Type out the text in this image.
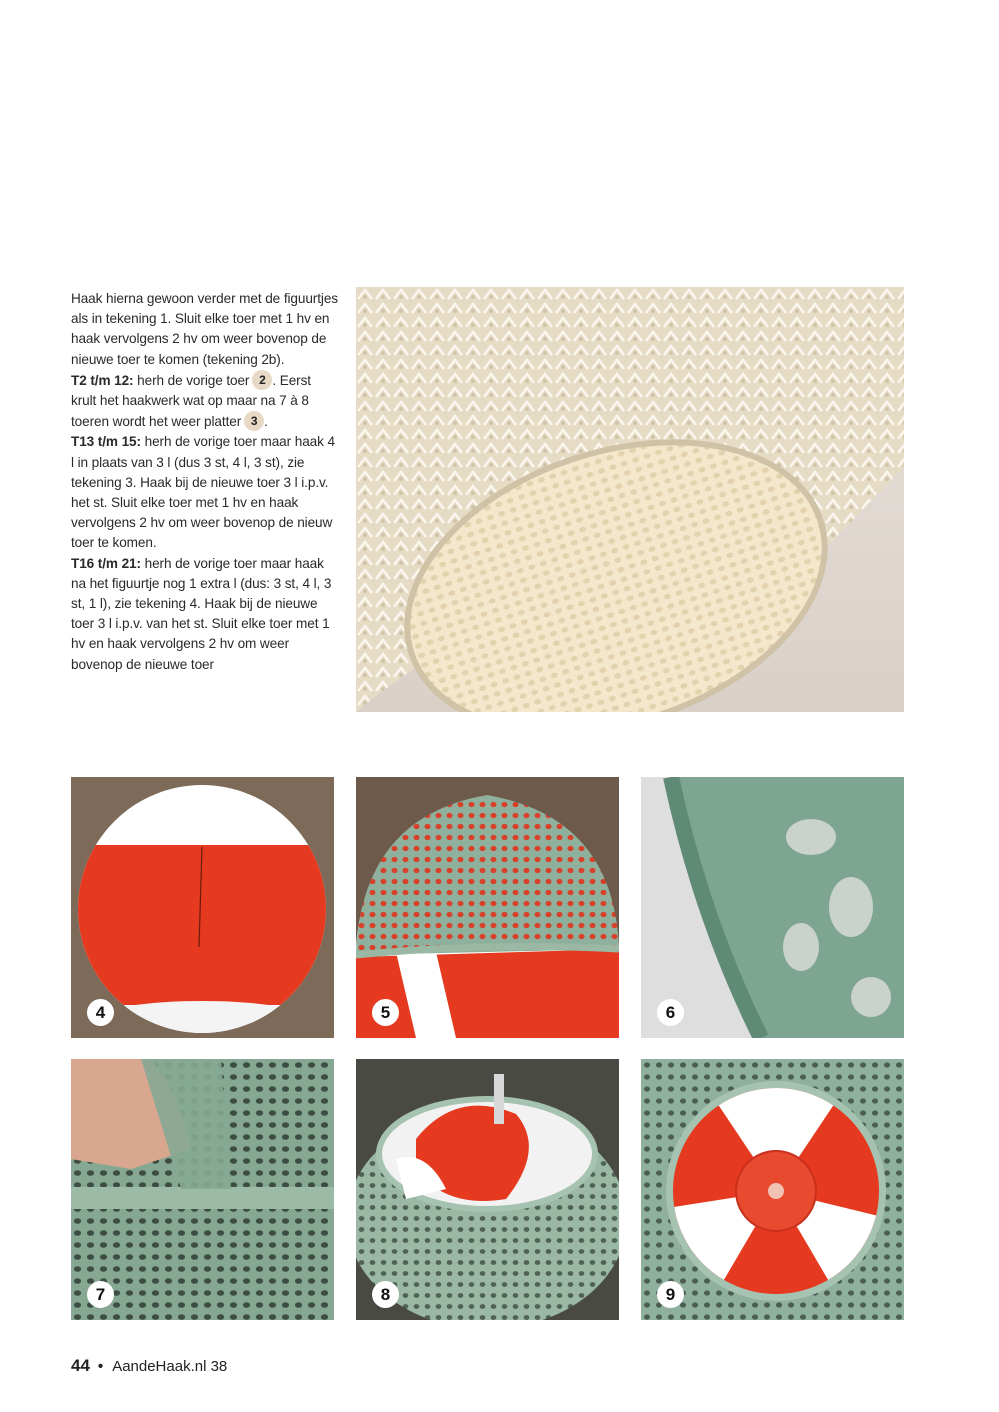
Haak hierna gewoon verder met de figuurtjes als in tekening 1. Sluit elke toer met 1 hv en haak vervolgens 2 hv om weer bovenop de nieuwe toer te komen (tekening 2b).
T2 t/m 12: herh de vorige toer 2 . Eerst krult het haakwerk wat op maar na 7 à 8 toeren wordt het weer platter 3 .
T13 t/m 15: herh de vorige toer maar haak 4 l in plaats van 3 l (dus 3 st, 4 l, 3 st), zie tekening 3. Haak bij de nieuwe toer 3 l i.p.v. het st. Sluit elke toer met 1 hv en haak vervolgens 2 hv om weer bovenop de nieuw toer te komen.
T16 t/m 21: herh de vorige toer maar haak na het figuurtje nog 1 extra l (dus: 3 st, 4 l, 3 st, 1 l), zie tekening 4. Haak bij de nieuwe toer 3 l i.p.v. van het st. Sluit elke toer met 1 hv en haak vervolgens 2 hv om weer bovenop de nieuwe toer

4	5	6
7	8	9
44 • AandeHaak.nl 38
